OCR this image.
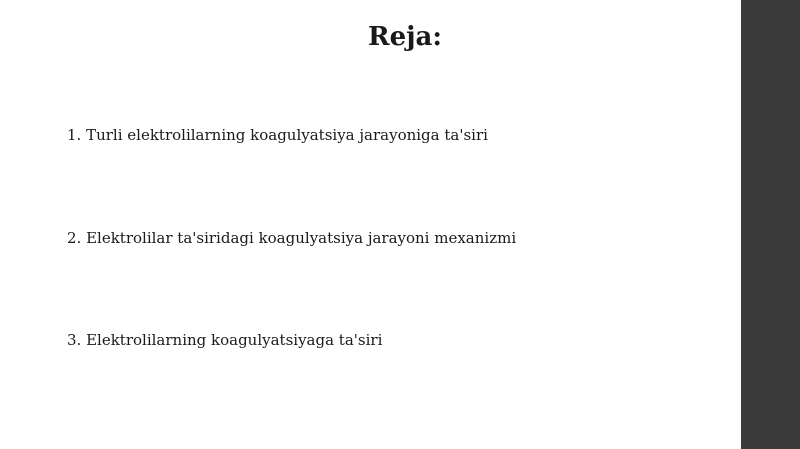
Reja:
1. Turli elektrolilarning koagulyatsiya jarayoniga ta'siri
2. Elektrolilar ta'siridagi koagulyatsiya jarayoni mexanizmi
3. Elektrolilarning koagulyatsiyaga ta'siri
